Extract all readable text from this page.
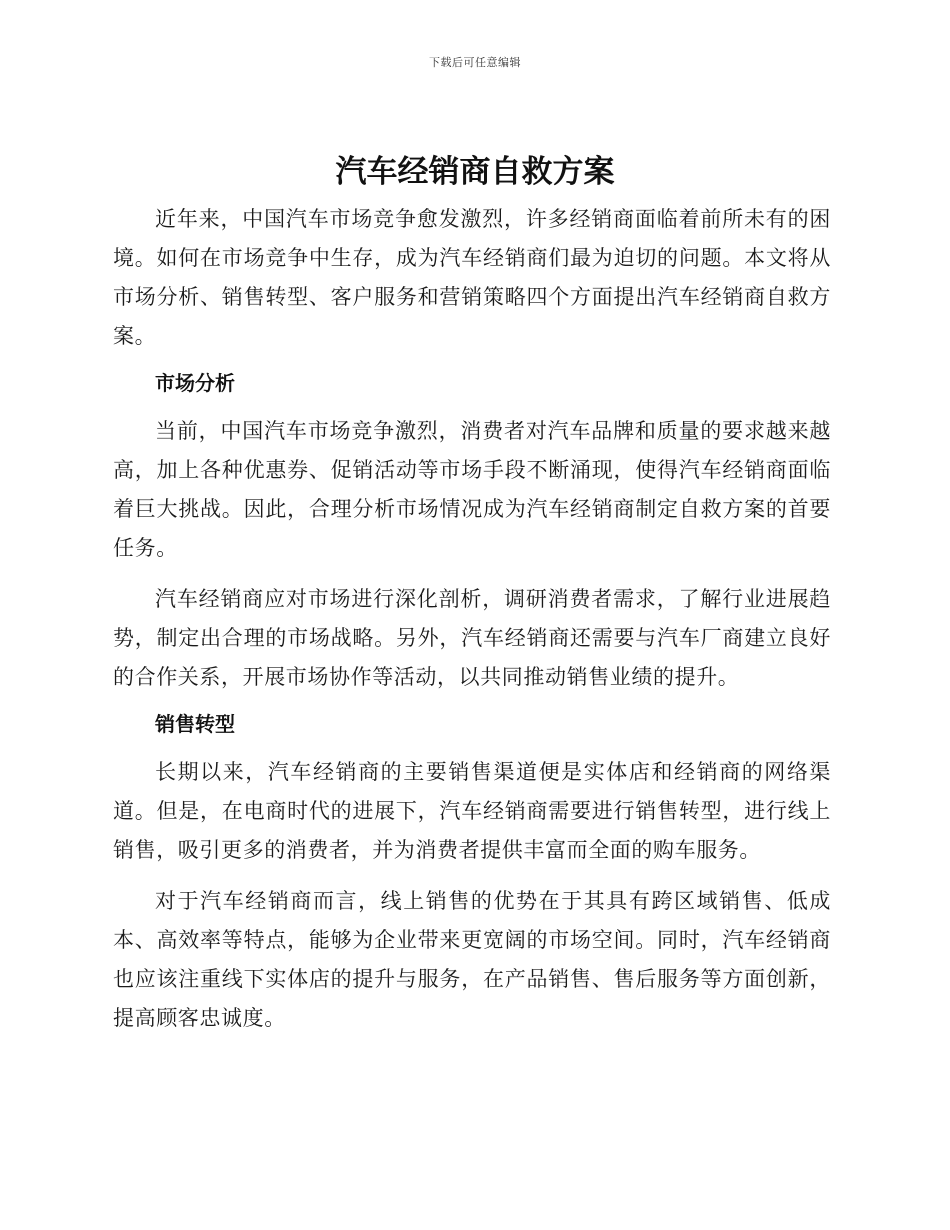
下载后可任意编辑
汽车经销商自救方案

近年来，中国汽车市场竞争愈发激烈，许多经销商面临着前所未有的困境。如何在市场竞争中生存，成为汽车经销商们最为迫切的问题。本文将从市场分析、销售转型、客户服务和营销策略四个方面提出汽车经销商自救方案。

市场分析

当前，中国汽车市场竞争激烈，消费者对汽车品牌和质量的要求越来越高，加上各种优惠券、促销活动等市场手段不断涌现，使得汽车经销商面临着巨大挑战。因此，合理分析市场情况成为汽车经销商制定自救方案的首要任务。

汽车经销商应对市场进行深化剖析，调研消费者需求，了解行业进展趋势，制定出合理的市场战略。另外，汽车经销商还需要与汽车厂商建立良好的合作关系，开展市场协作等活动，以共同推动销售业绩的提升。

销售转型

长期以来，汽车经销商的主要销售渠道便是实体店和经销商的网络渠道。但是，在电商时代的进展下，汽车经销商需要进行销售转型，进行线上销售，吸引更多的消费者，并为消费者提供丰富而全面的购车服务。

对于汽车经销商而言，线上销售的优势在于其具有跨区域销售、低成本、高效率等特点，能够为企业带来更宽阔的市场空间。同时，汽车经销商也应该注重线下实体店的提升与服务，在产品销售、售后服务等方面创新，提高顾客忠诚度。
